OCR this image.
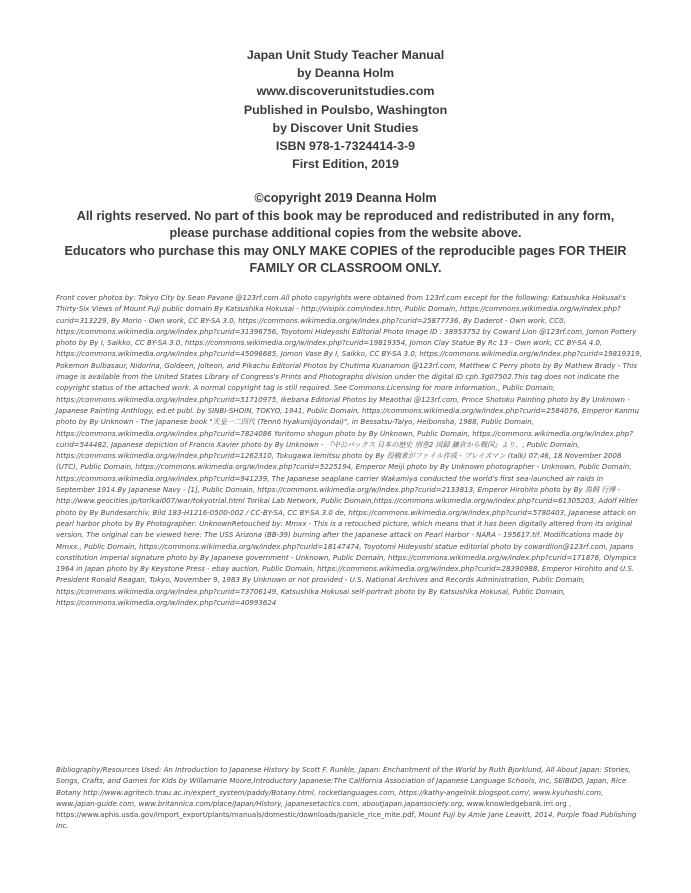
Japan Unit Study Teacher Manual
by Deanna Holm
www.discoverunitstudies.com
Published in Poulsbo, Washington
by Discover Unit Studies
ISBN 978-1-7324414-3-9
First Edition, 2019
©copyright 2019 Deanna Holm
All rights reserved. No part of this book may be reproduced and redistributed in any form,
please purchase additional copies from the website above.
Educators who purchase this may ONLY MAKE COPIES of the reproducible pages FOR THEIR
FAMILY OR CLASSROOM ONLY.
Front cover photos by: Tokyo City by Sean Pavone @123rf.com All photo copyrights were obtained from 123rf.com except for the following: Katsushika Hokusai's Thirty-Six Views of Mount Fuji public domain By Katsushika Hokusai - http://visipix.com/index.htm, Public Domain, https://commons.wikimedia.org/w/index.php?curid=313229, By Morio - Own work, CC BY-SA 3.0, https://commons.wikimedia.org/w/index.php?curid=25877736, By Daderot - Own work, CC0, https://commons.wikimedia.org/w/index.php?curid=31396756, Toyotomi Hideyoshi Editorial Photo Image ID : 38953752 by Coward Lion @123rf.com, Jomon Pottery photo by By I, Saikko, CC BY-SA 3.0, https://commons.wikimedia.org/w/index.php?curid=19819354, Jomon Clay Statue By Rc 13 - Own work, CC BY-SA 4.0, https://commons.wikimedia.org/w/index.php?curid=45096685, Jomon Vase By I, Saikko, CC BY-SA 3.0, https://commons.wikimedia.org/w/index.php?curid=19819319, Pokemon Bulbasaur, Nidorina, Goldeen, Jolteon, and Pikachu Editorial Photos by Chutima Kuanamon @123rf.com, Matthew C Perry photo by By Mathew Brady - This image is available from the United States Library of Congress's Prints and Photographs division under the digital ID cph.3g07502.This tag does not indicate the copyright status of the attached work. A normal copyright tag is still required. See Commons:Licensing for more information., Public Domain, https://commons.wikimedia.org/w/index.php?curid=51710975, Ikebana Editorial Photos by Meaothai @123rf.com, Prince Shotoku Painting photo by By Unknown - Japanese Painting Anthlogy, ed.et publ. by SINBI-SHOIN, TOKYO, 1941, Public Domain, https://commons.wikimedia.org/w/index.php?curid=2584076, Emperor Kanmu photo by By Unknown - The Japanese book "天皇一二四代 (Tennō hyakunijūyondai)", in Bessatsu-Taiyo, Heibonsha, 1988, Public Domain, https://commons.wikimedia.org/w/index.php?curid=7824086 Yoritomo shogun photo by By Unknown, Public Domain, https://commons.wikimedia.org/w/index.php?curid=544482, Japanese depiction of Francis Xavier photo by By Unknown - 『中公パックス 日本の歴史 別巻2 図録 鎌倉から戦国』より。, Public Domain, https://commons.wikimedia.org/w/index.php?curid=1262310, Tokugawa Iemitsu photo by By 投稿者がファイル作成 - ブレイズマン (talk) 07:46, 18 November 2008 (UTC), Public Domain, https://commons.wikimedia.org/w/index.php?curid=5225194, Emperor Meiji photo by By Unknown photographer - Unknown, Public Domain, https://commons.wikimedia.org/w/index.php?curid=941239, The Japanese seaplane carrier Wakamiya conducted the world's first sea-launched air raids in September 1914.By Japanese Navy - [1], Public Domain, https://commons.wikimedia.org/w/index.php?curid=2133813, Emperor Hirohito photo by By 鳥飼 行博 - http://www.geocities.jp/torikai007/war/tokyotrial.html Torikai Lab Network, Public Domain,https://commons.wikimedia.org/w/index.php?curid=61305203, Adolf Hitler photo by By Bundesarchiv, Bild 183-H1216-0500-002 / CC-BY-SA, CC BY-SA 3.0 de, https://commons.wikimedia.org/w/index.php?curid=5780403, Japanese attack on pearl harbor photo by By Photographer: UnknownRetouched by: Mmxx - This is a retouched picture, which means that it has been digitally altered from its original version. The original can be viewed here: The USS Arizona (BB-39) burning after the Japanese attack on Pearl Harbor - NARA - 195617.tif. Modifications made by Mmxx., Public Domain, https://commons.wikimedia.org/w/index.php?curid=18147474, Toyotomi Hideyoshi statue editorial photo by cowardlion@123rf.com, Japans constitution imperial signature photo by By Japanese government - Unknown, Public Domain, https://commons.wikimedia.org/w/index.php?curid=171876, Olympics 1964 in Japan photo by By Keystone Press - ebay auction, Public Domain, https://commons.wikimedia.org/w/index.php?curid=28390988, Emperor Hirohito and U.S. President Ronald Reagan, Tokyo, November 9, 1983 By Unknown or not provided - U.S. National Archives and Records Administration, Public Domain, https://commons.wikimedia.org/w/index.php?curid=73706149, Katsushika Hokusai self-portrait photo by By Katsushika Hokusai, Public Domain, https://commons.wikimedia.org/w/index.php?curid=40993624
Bibliography/Resources Used: An Introduction to Japanese History by Scott F. Runkle, Japan: Enchantment of the World by Ruth Bjorklund, All About Japan: Stories, Songs, Crafts, and Games for Kids by Willamarie Moore,Introductory Japanese:The California Association of Japanese Language Schools, Inc, SEIBIDO, Japan, Rice Botany http://www.agritech.tnau.ac.in/expert_system/paddy/Botany.html, rocketlanguages.com, https://kathy-angelnik.blogspot.com/, www.kyuhoshi.com, www.japan-guide.com, www.britannica.com/place/Japan/History, japanesetactics.com, aboutjapan.japansociety.org, www.knowledgebank.irri.org , https://www.aphis.usda.gov/import_export/plants/manuals/domestic/downloads/panicle_rice_mite.pdf, Mount Fuji by Amie Jane Leavitt, 2014, Purple Toad Publishing Inc.
